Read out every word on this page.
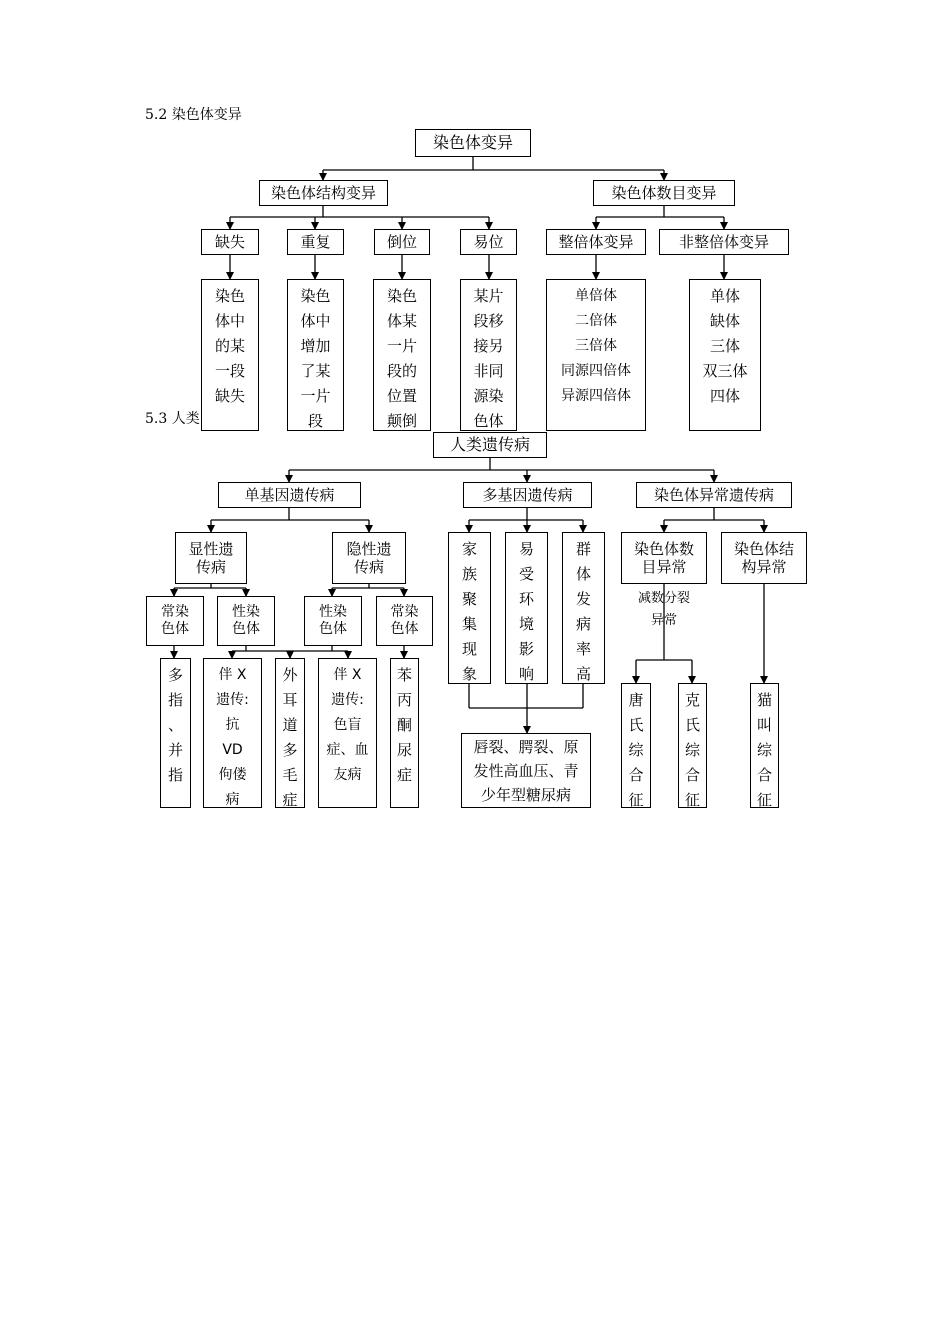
5.2 染色体变异
5.3 人类
染色体变异
染色体结构变异	染色体数目变异
缺失	重复	倒位	易位	整倍体变异	非整倍体变异
染色
体中
的某
一段
缺失
染色
体中
增加
了某
一片
段
染色
体某
一片
段的
位置
颠倒
某片
段移
接另
非同
源染
色体
单倍体
二倍体
三倍体
同源四倍体
异源四倍体
单体
缺体
三体
双三体
四体
人类遗传病
单基因遗传病	多基因遗传病	染色体异常遗传病
显性遗
传病
隐性遗
传病
常染
色体
性染
色体
性染
色体
常染
色体
多
指
、
并
指
伴 X
遗传:
抗
VD
佝偻
病
外
耳
道
多
毛
症
伴 X
遗传:
色盲
症、血
友病
苯
丙
酮
尿
症
家
族
聚
集
现
象
易
受
环
境
影
响
群
体
发
病
率
高
唇裂、腭裂、原
发性高血压、青
少年型糖尿病
染色体数
目异常
染色体结
构异常
减数分裂
异常
唐
氏
综
合
征
克
氏
综
合
征
猫
叫
综
合
征
